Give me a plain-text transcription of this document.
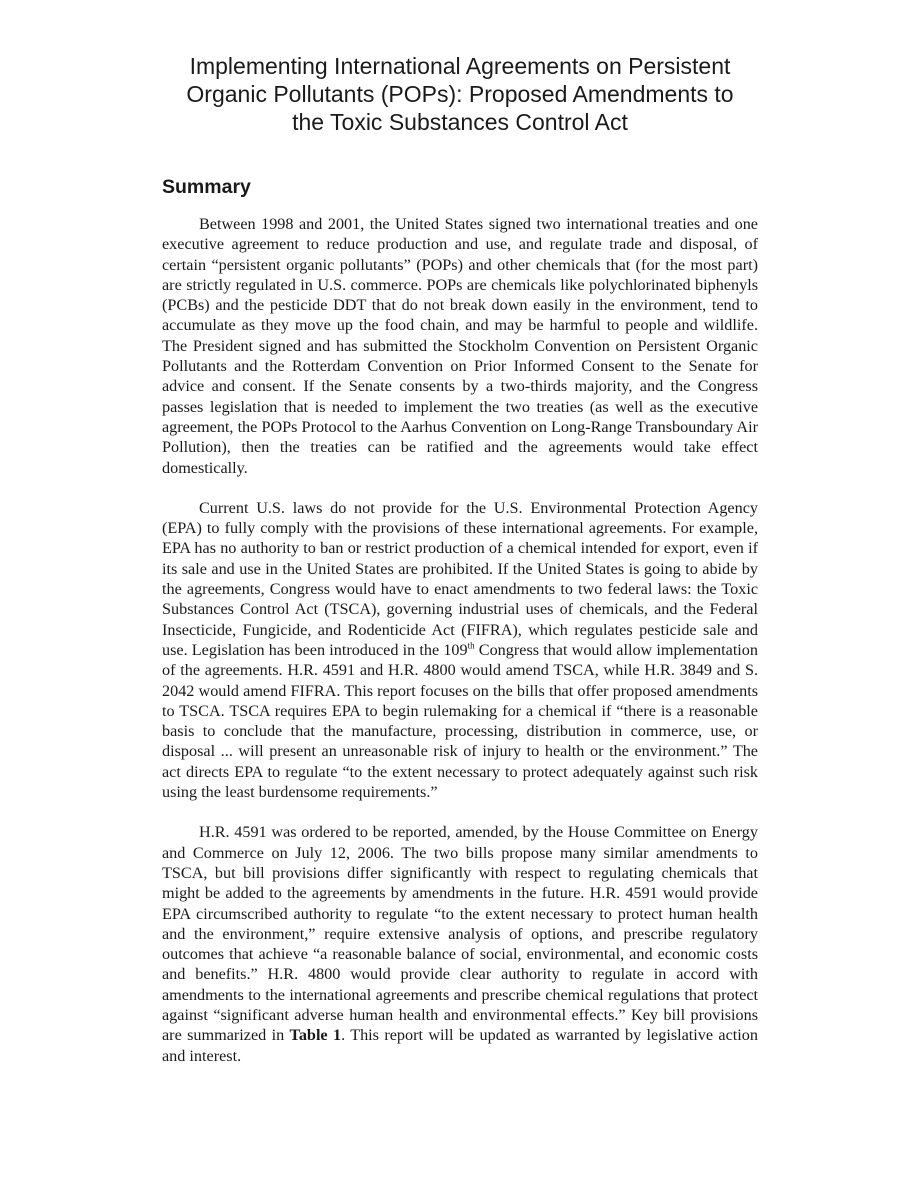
Implementing International Agreements on Persistent Organic Pollutants (POPs): Proposed Amendments to the Toxic Substances Control Act
Summary

Between 1998 and 2001, the United States signed two international treaties and one executive agreement to reduce production and use, and regulate trade and disposal, of certain “persistent organic pollutants” (POPs) and other chemicals that (for the most part) are strictly regulated in U.S. commerce. POPs are chemicals like polychlorinated biphenyls (PCBs) and the pesticide DDT that do not break down easily in the environment, tend to accumulate as they move up the food chain, and may be harmful to people and wildlife. The President signed and has submitted the Stockholm Convention on Persistent Organic Pollutants and the Rotterdam Convention on Prior Informed Consent to the Senate for advice and consent. If the Senate consents by a two-thirds majority, and the Congress passes legislation that is needed to implement the two treaties (as well as the executive agreement, the POPs Protocol to the Aarhus Convention on Long-Range Transboundary Air Pollution), then the treaties can be ratified and the agreements would take effect domestically.

Current U.S. laws do not provide for the U.S. Environmental Protection Agency (EPA) to fully comply with the provisions of these international agreements. For example, EPA has no authority to ban or restrict production of a chemical intended for export, even if its sale and use in the United States are prohibited. If the United States is going to abide by the agreements, Congress would have to enact amendments to two federal laws: the Toxic Substances Control Act (TSCA), governing industrial uses of chemicals, and the Federal Insecticide, Fungicide, and Rodenticide Act (FIFRA), which regulates pesticide sale and use. Legislation has been introduced in the 109th Congress that would allow implementation of the agreements. H.R. 4591 and H.R. 4800 would amend TSCA, while H.R. 3849 and S. 2042 would amend FIFRA. This report focuses on the bills that offer proposed amendments to TSCA. TSCA requires EPA to begin rulemaking for a chemical if “there is a reasonable basis to conclude that the manufacture, processing, distribution in commerce, use, or disposal ... will present an unreasonable risk of injury to health or the environment.” The act directs EPA to regulate “to the extent necessary to protect adequately against such risk using the least burdensome requirements.”

H.R. 4591 was ordered to be reported, amended, by the House Committee on Energy and Commerce on July 12, 2006. The two bills propose many similar amendments to TSCA, but bill provisions differ significantly with respect to regulating chemicals that might be added to the agreements by amendments in the future. H.R. 4591 would provide EPA circumscribed authority to regulate “to the extent necessary to protect human health and the environment,” require extensive analysis of options, and prescribe regulatory outcomes that achieve “a reasonable balance of social, environmental, and economic costs and benefits.” H.R. 4800 would provide clear authority to regulate in accord with amendments to the international agreements and prescribe chemical regulations that protect against “significant adverse human health and environmental effects.” Key bill provisions are summarized in Table 1. This report will be updated as warranted by legislative action and interest.
